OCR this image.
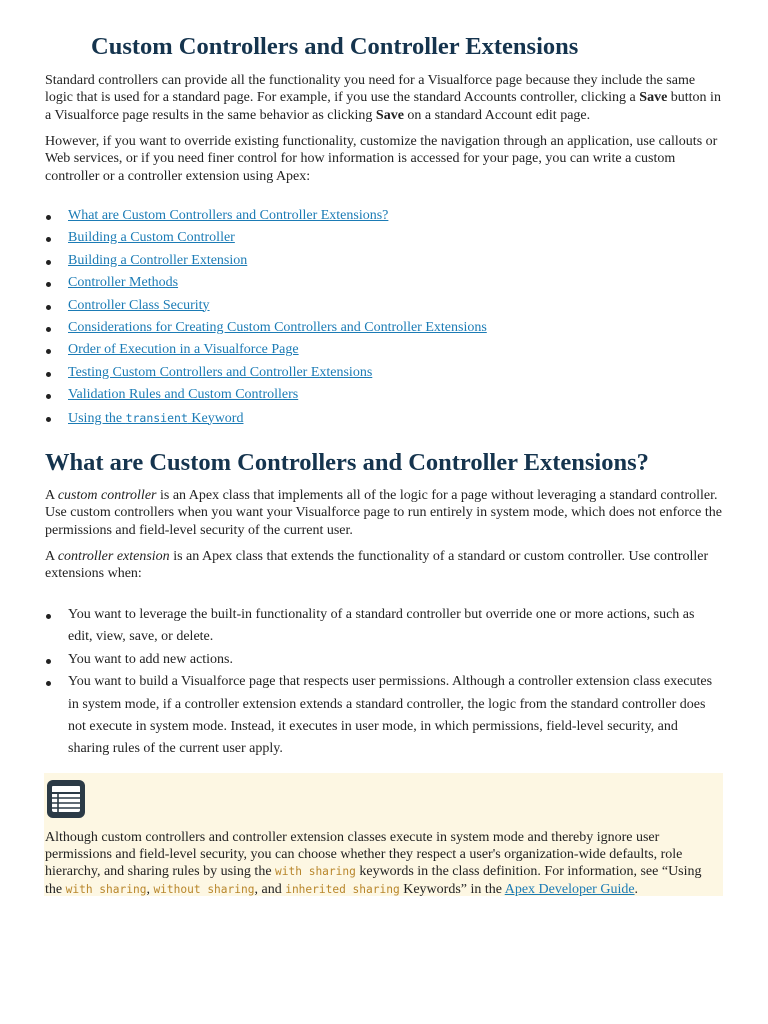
Custom Controllers and Controller Extensions

Standard controllers can provide all the functionality you need for a Visualforce page because they include the same logic that is used for a standard page. For example, if you use the standard Accounts controller, clicking a Save button in a Visualforce page results in the same behavior as clicking Save on a standard Account edit page.

However, if you want to override existing functionality, customize the navigation through an application, use callouts or Web services, or if you need finer control for how information is accessed for your page, you can write a custom controller or a controller extension using Apex:

What are Custom Controllers and Controller Extensions?
Building a Custom Controller
Building a Controller Extension
Controller Methods
Controller Class Security
Considerations for Creating Custom Controllers and Controller Extensions
Order of Execution in a Visualforce Page
Testing Custom Controllers and Controller Extensions
Validation Rules and Custom Controllers
Using the transient Keyword
What are Custom Controllers and Controller Extensions?

A custom controller is an Apex class that implements all of the logic for a page without leveraging a standard controller. Use custom controllers when you want your Visualforce page to run entirely in system mode, which does not enforce the permissions and field-level security of the current user.

A controller extension is an Apex class that extends the functionality of a standard or custom controller. Use controller extensions when:

You want to leverage the built-in functionality of a standard controller but override one or more actions, such as edit, view, save, or delete.
You want to add new actions.
You want to build a Visualforce page that respects user permissions. Although a controller extension class executes in system mode, if a controller extension extends a standard controller, the logic from the standard controller does not execute in system mode. Instead, it executes in user mode, in which permissions, field-level security, and sharing rules of the current user apply.

Although custom controllers and controller extension classes execute in system mode and thereby ignore user permissions and field-level security, you can choose whether they respect a user's organization-wide defaults, role hierarchy, and sharing rules by using the with sharing keywords in the class definition. For information, see “Using the with sharing, without sharing, and inherited sharing Keywords” in the Apex Developer Guide.
